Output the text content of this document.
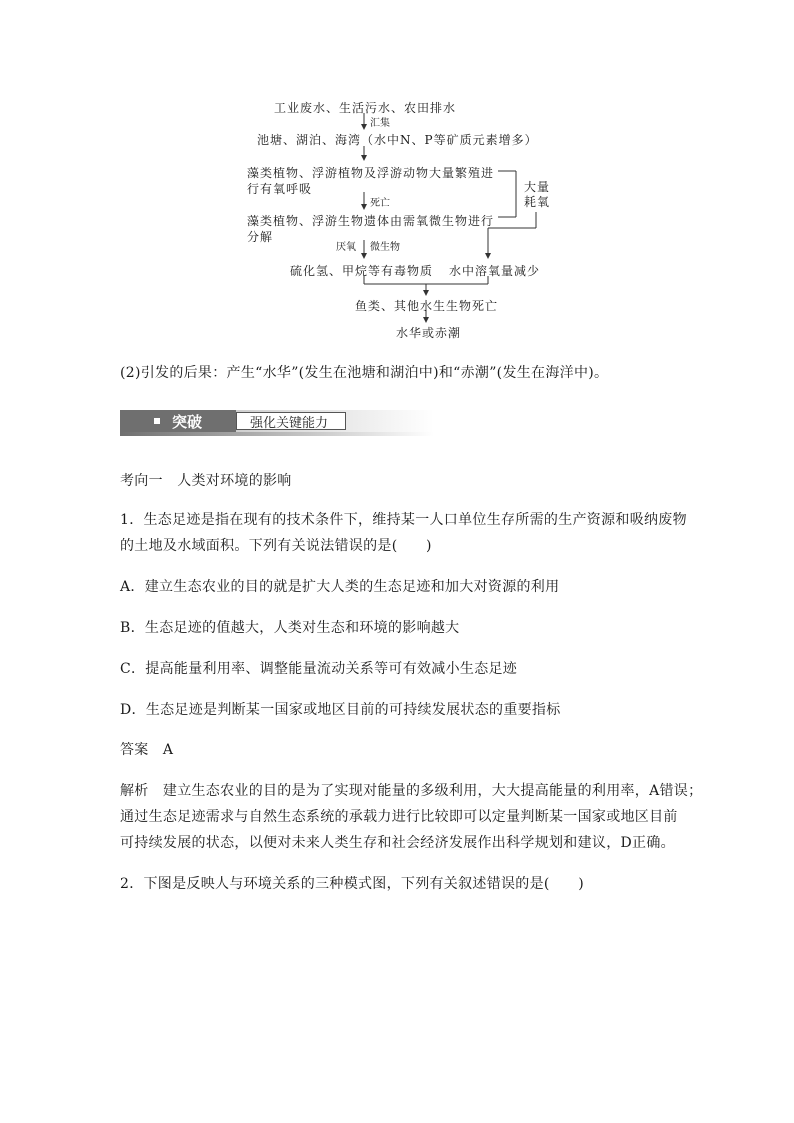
工业废水、生活污水、农田排水
汇集
池塘、湖泊、海湾（水中N、P等矿质元素增多）
藻类植物、浮游植物及浮游动物大量繁殖进
行有氧呼吸
死亡
藻类植物、浮游生物遗体由需氧微生物进行
分解
大量
耗氧
厌氧 微生物
硫化氢、甲烷等有毒物质 水中溶氧量减少
鱼类、其他水生生物死亡
水华或赤潮
(2)引发的后果：产生“水华”(发生在池塘和湖泊中)和“赤潮”(发生在海洋中)。
突破	强化关键能力
考向一　人类对环境的影响
1．生态足迹是指在现有的技术条件下，维持某一人口单位生存所需的生产资源和吸纳废物
的土地及水域面积。下列有关说法错误的是(　　)
A．建立生态农业的目的就是扩大人类的生态足迹和加大对资源的利用
B．生态足迹的值越大，人类对生态和环境的影响越大
C．提高能量利用率、调整能量流动关系等可有效减小生态足迹
D．生态足迹是判断某一国家或地区目前的可持续发展状态的重要指标
答案　A
解析　建立生态农业的目的是为了实现对能量的多级利用，大大提高能量的利用率，A错误；
通过生态足迹需求与自然生态系统的承载力进行比较即可以定量判断某一国家或地区目前
可持续发展的状态，以便对未来人类生存和社会经济发展作出科学规划和建议，D正确。
2．下图是反映人与环境关系的三种模式图，下列有关叙述错误的是(　　)
